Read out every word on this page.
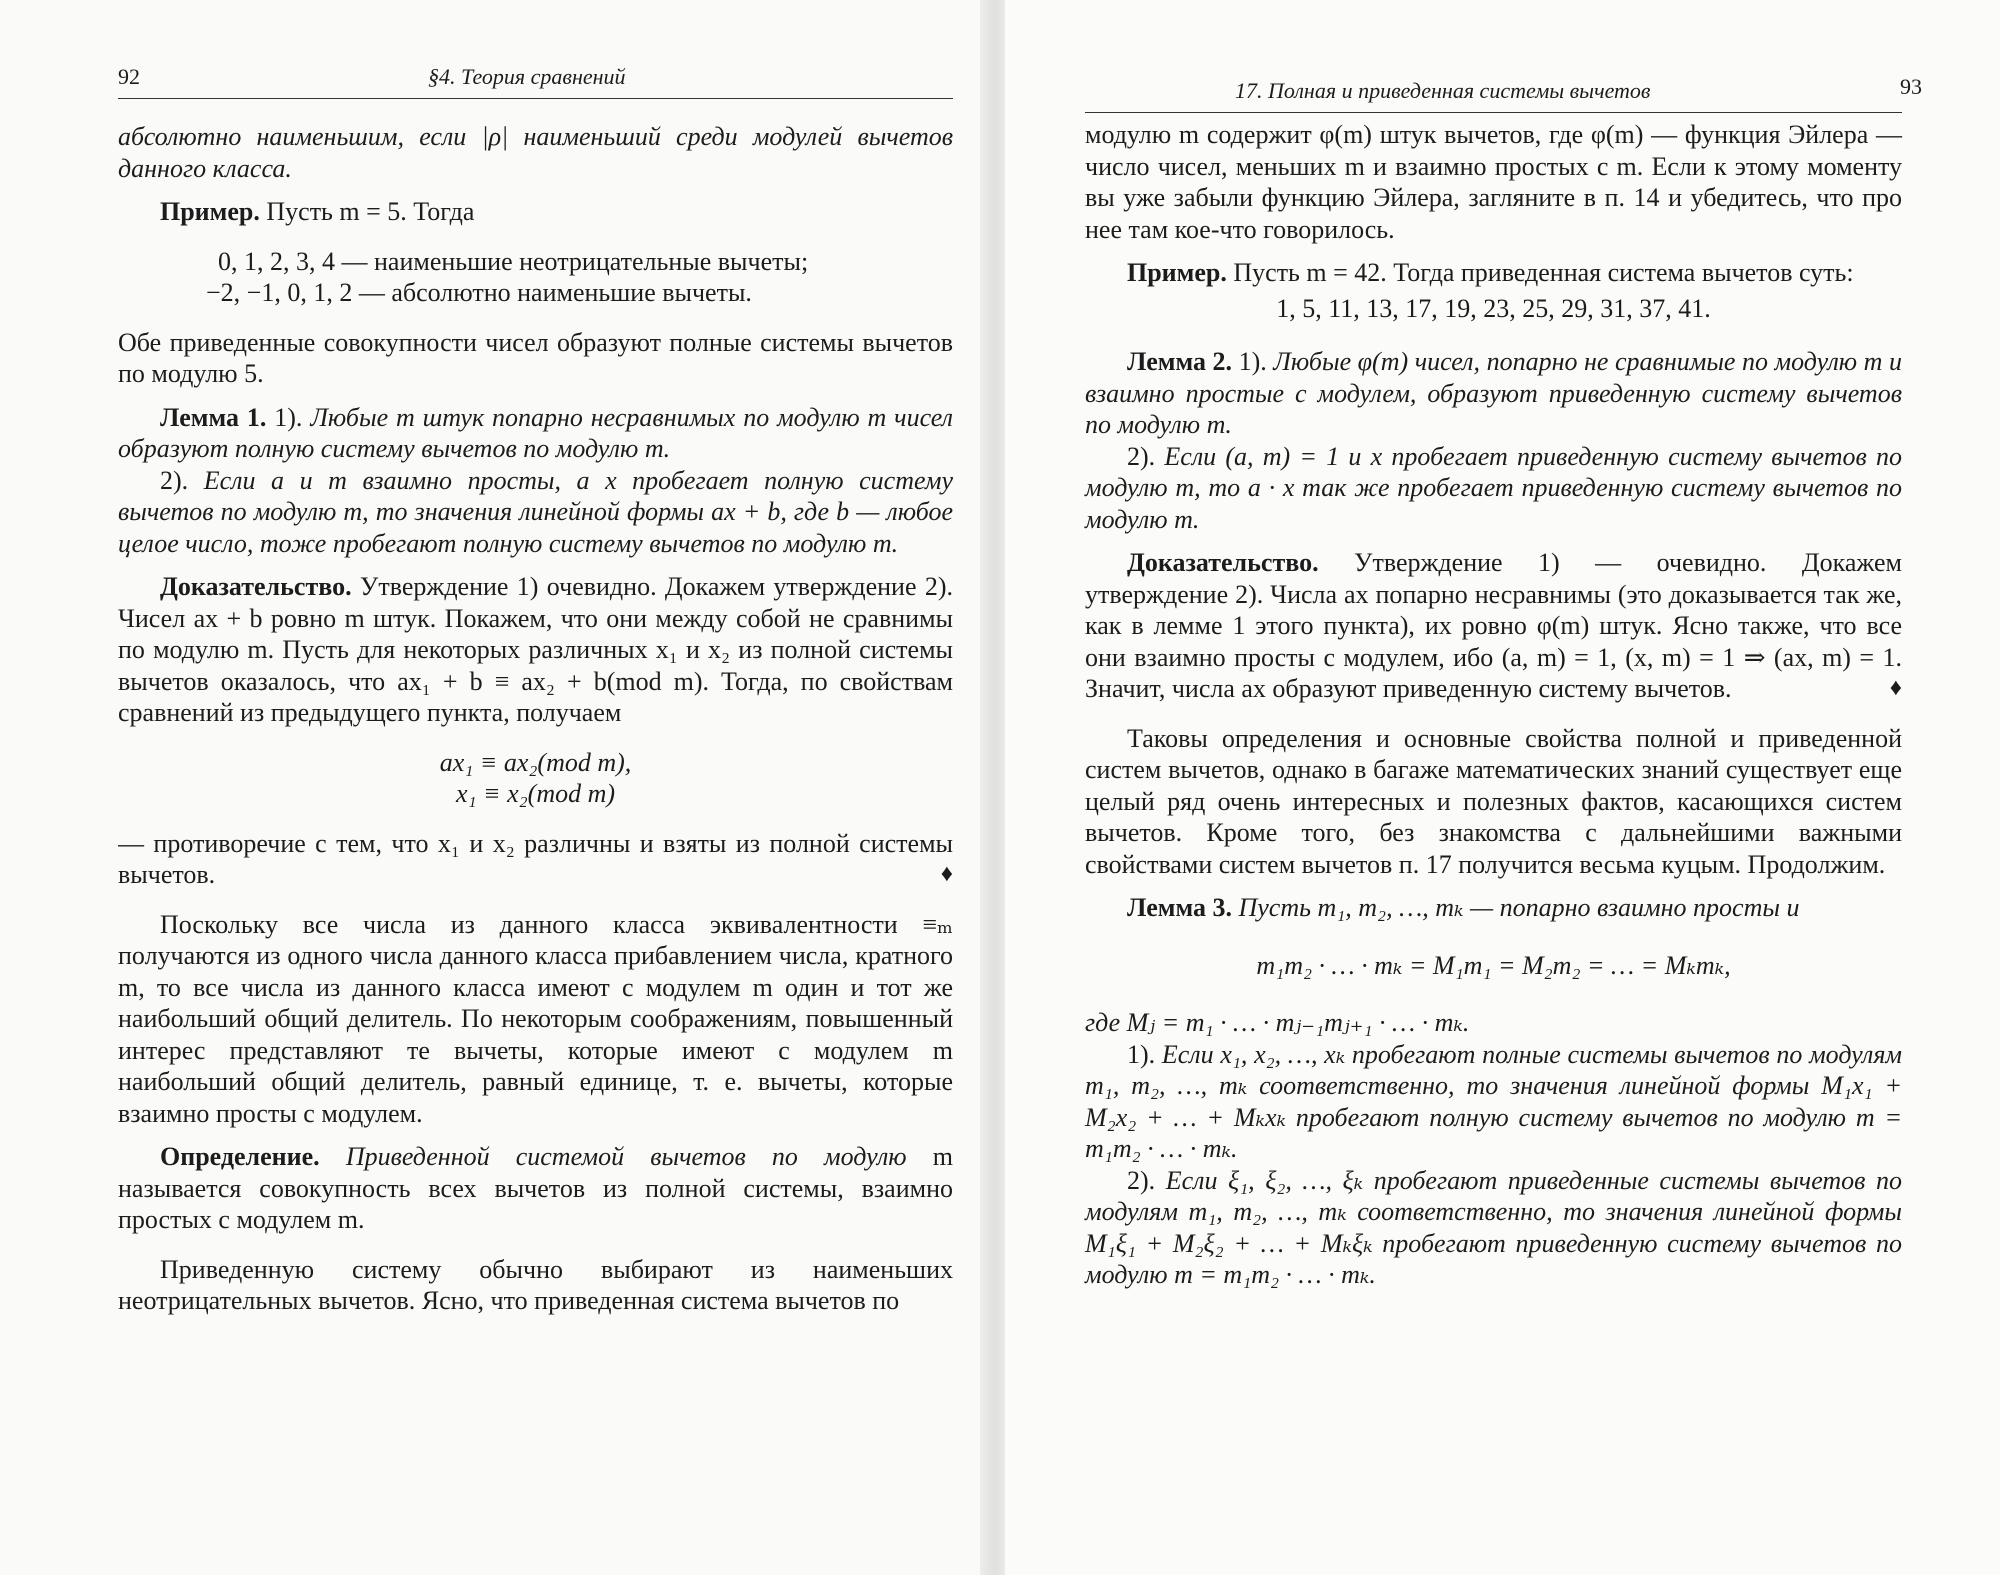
92	§4. Теория сравнений

абсолютно наименьшим, если |ρ| наименьший среди модулей вычетов данного класса.

Пример. Пусть m = 5. Тогда

0, 1, 2, 3, 4 — наименьшие неотрицательные вычеты;
−2, −1, 0, 1, 2 — абсолютно наименьшие вычеты.

Обе приведенные совокупности чисел образуют полные системы вычетов по модулю 5.

Лемма 1. 1). Любые m штук попарно несравнимых по модулю m чисел образуют полную систему вычетов по модулю m.

2). Если a и m взаимно просты, а x пробегает полную систему вычетов по модулю m, то значения линейной формы ax + b, где b — любое целое число, тоже пробегают полную систему вычетов по модулю m.

Доказательство. Утверждение 1) очевидно. Докажем утверждение 2). Чисел ax + b ровно m штук. Покажем, что они между собой не сравнимы по модулю m. Пусть для некоторых различных x₁ и x₂ из полной системы вычетов оказалось, что ax₁ + b ≡ ax₂ + b(mod m). Тогда, по свойствам сравнений из предыдущего пункта, получаем

ax₁ ≡ ax₂(mod m),
x₁ ≡ x₂(mod m)

— противоречие с тем, что x₁ и x₂ различны и взяты из полной системы вычетов.	♦

Поскольку все числа из данного класса эквивалентности ≡ₘ получаются из одного числа данного класса прибавлением числа, кратного m, то все числа из данного класса имеют с модулем m один и тот же наибольший общий делитель. По некоторым соображениям, повышенный интерес представляют те вычеты, которые имеют с модулем m наибольший общий делитель, равный единице, т. е. вычеты, которые взаимно просты с модулем.

Определение. Приведенной системой вычетов по модулю m называется совокупность всех вычетов из полной системы, взаимно простых с модулем m.

Приведенную систему обычно выбирают из наименьших неотрицательных вычетов. Ясно, что приведенная система вычетов по

17. Полная и приведенная системы вычетов	93

модулю m содержит φ(m) штук вычетов, где φ(m) — функция Эйлера — число чисел, меньших m и взаимно простых с m. Если к этому моменту вы уже забыли функцию Эйлера, загляните в п. 14 и убедитесь, что про нее там кое-что говорилось.

Пример. Пусть m = 42. Тогда приведенная система вычетов суть:

1, 5, 11, 13, 17, 19, 23, 25, 29, 31, 37, 41.

Лемма 2. 1). Любые φ(m) чисел, попарно не сравнимые по модулю m и взаимно простые с модулем, образуют приведенную систему вычетов по модулю m.

2). Если (a, m) = 1 и x пробегает приведенную систему вычетов по модулю m, то a · x так же пробегает приведенную систему вычетов по модулю m.

Доказательство. Утверждение 1) — очевидно. Докажем утверждение 2). Числа ax попарно несравнимы (это доказывается так же, как в лемме 1 этого пункта), их ровно φ(m) штук. Ясно также, что все они взаимно просты с модулем, ибо (a, m) = 1, (x, m) = 1 ⇒ (ax, m) = 1. Значит, числа ax образуют приведенную систему вычетов.	♦

Таковы определения и основные свойства полной и приведенной систем вычетов, однако в багаже математических знаний существует еще целый ряд очень интересных и полезных фактов, касающихся систем вычетов. Кроме того, без знакомства с дальнейшими важными свойствами систем вычетов п. 17 получится весьма куцым. Продолжим.

Лемма 3. Пусть m₁, m₂, …, mₖ — попарно взаимно просты и

m₁m₂ · … · mₖ = M₁m₁ = M₂m₂ = … = Mₖmₖ,

где Mⱼ = m₁ · … · mⱼ₋₁mⱼ₊₁ · … · mₖ.

1). Если x₁, x₂, …, xₖ пробегают полные системы вычетов по модулям m₁, m₂, …, mₖ соответственно, то значения линейной формы M₁x₁ + M₂x₂ + … + Mₖxₖ пробегают полную систему вычетов по модулю m = m₁m₂ · … · mₖ.

2). Если ξ₁, ξ₂, …, ξₖ пробегают приведенные системы вычетов по модулям m₁, m₂, …, mₖ соответственно, то значения линейной формы M₁ξ₁ + M₂ξ₂ + … + Mₖξₖ пробегают приведенную систему вычетов по модулю m = m₁m₂ · … · mₖ.
